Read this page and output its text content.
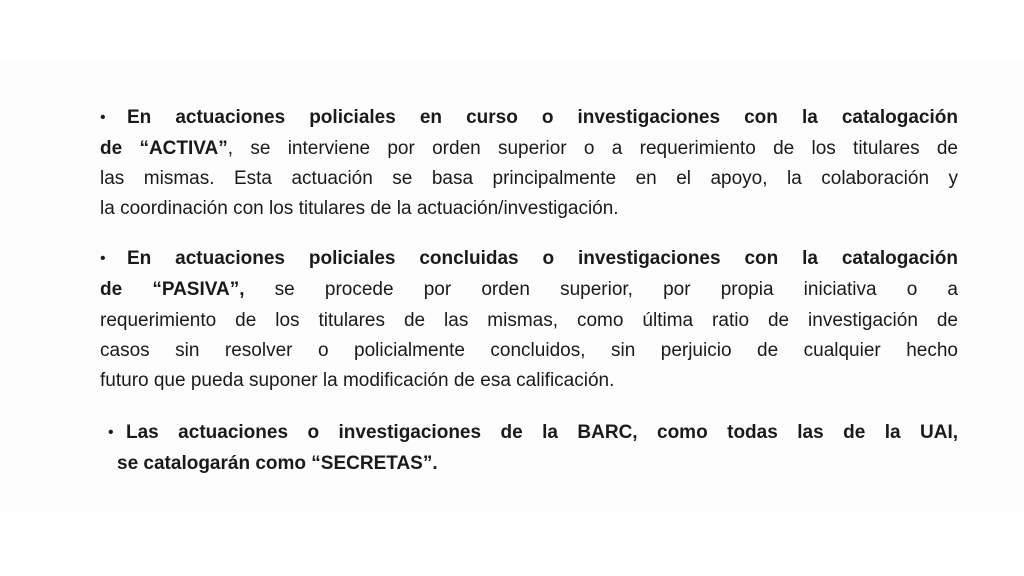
• En actuaciones policiales en curso o investigaciones con la catalogación
de “ACTIVA”, se interviene por orden superior o a requerimiento de los titulares de
las mismas. Esta actuación se basa principalmente en el apoyo, la colaboración y
la coordinación con los titulares de la actuación/investigación.
• En actuaciones policiales concluidas o investigaciones con la catalogación
de “PASIVA”, se procede por orden superior, por propia iniciativa o a
requerimiento de los titulares de las mismas, como última ratio de investigación de
casos sin resolver o policialmente concluidos, sin perjuicio de cualquier hecho
futuro que pueda suponer la modificación de esa calificación.
• Las actuaciones o investigaciones de la BARC, como todas las de la UAI,
se catalogarán como “SECRETAS”.
